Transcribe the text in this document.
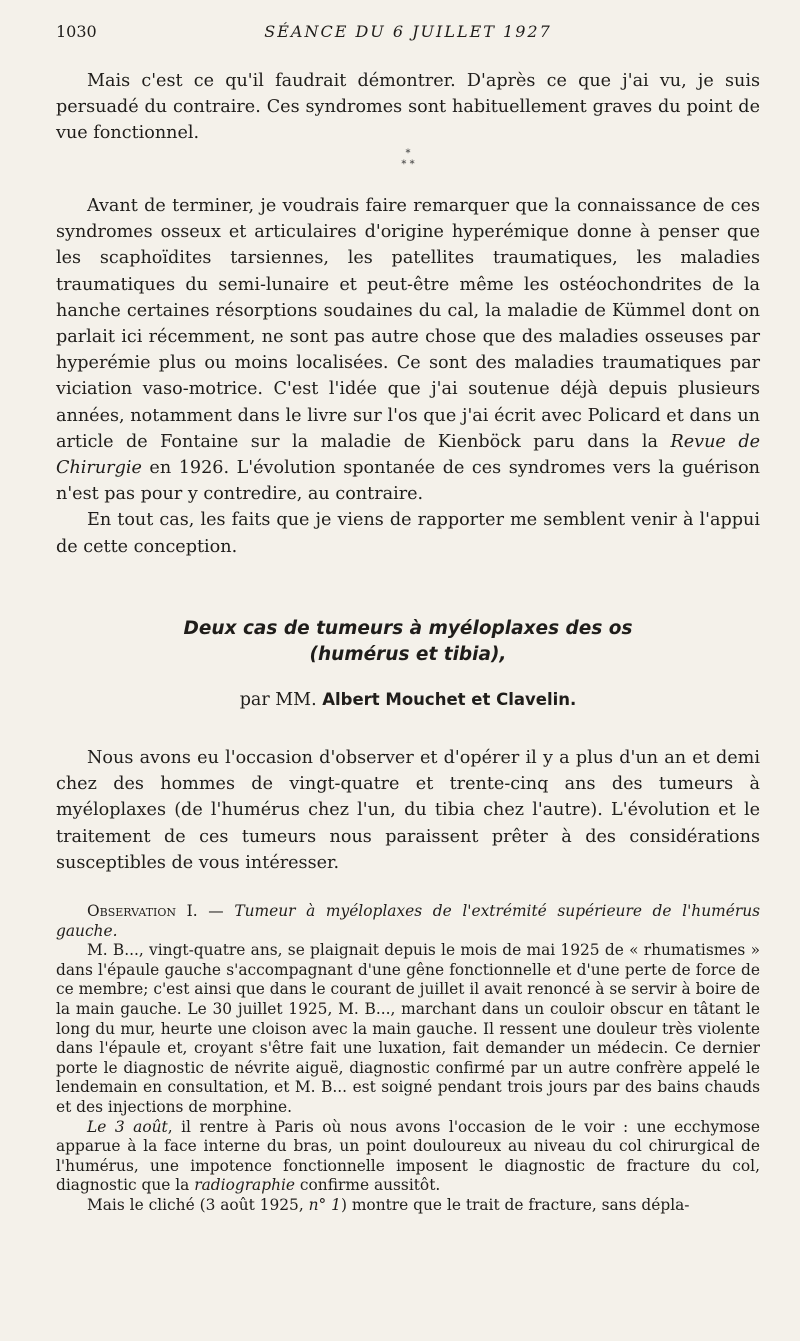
1030	SÉANCE DU 6 JUILLET 1927

Mais c'est ce qu'il faudrait démontrer. D'après ce que j'ai vu, je suis persuadé du contraire. Ces syndromes sont habituellement graves du point de vue fonctionnel.

*
* *

Avant de terminer, je voudrais faire remarquer que la connaissance de ces syndromes osseux et articulaires d'origine hyperémique donne à penser que les scaphoïdites tarsiennes, les patellites traumatiques, les maladies traumatiques du semi-lunaire et peut-être même les ostéochondrites de la hanche certaines résorptions soudaines du cal, la maladie de Kümmel dont on parlait ici récemment, ne sont pas autre chose que des maladies osseuses par hyperémie plus ou moins localisées. Ce sont des maladies traumatiques par viciation vaso-motrice. C'est l'idée que j'ai soutenue déjà depuis plusieurs années, notamment dans le livre sur l'os que j'ai écrit avec Policard et dans un article de Fontaine sur la maladie de Kienböck paru dans la Revue de Chirurgie en 1926. L'évolution spontanée de ces syndromes vers la guérison n'est pas pour y contredire, au contraire.

En tout cas, les faits que je viens de rapporter me semblent venir à l'appui de cette conception.

Deux cas de tumeurs à myéloplaxes des os
(humérus et tibia),
par MM. Albert Mouchet et Clavelin.

Nous avons eu l'occasion d'observer et d'opérer il y a plus d'un an et demi chez des hommes de vingt-quatre et trente-cinq ans des tumeurs à myéloplaxes (de l'humérus chez l'un, du tibia chez l'autre). L'évolution et le traitement de ces tumeurs nous paraissent prêter à des considérations susceptibles de vous intéresser.

Observation I. — Tumeur à myéloplaxes de l'extrémité supérieure de l'humérus gauche.

M. B..., vingt-quatre ans, se plaignait depuis le mois de mai 1925 de « rhumatismes » dans l'épaule gauche s'accompagnant d'une gêne fonctionnelle et d'une perte de force de ce membre; c'est ainsi que dans le courant de juillet il avait renoncé à se servir à boire de la main gauche. Le 30 juillet 1925, M. B..., marchant dans un couloir obscur en tâtant le long du mur, heurte une cloison avec la main gauche. Il ressent une douleur très violente dans l'épaule et, croyant s'être fait une luxation, fait demander un médecin. Ce dernier porte le diagnostic de névrite aiguë, diagnostic confirmé par un autre confrère appelé le lendemain en consultation, et M. B... est soigné pendant trois jours par des bains chauds et des injections de morphine.

Le 3 août, il rentre à Paris où nous avons l'occasion de le voir : une ecchymose apparue à la face interne du bras, un point douloureux au niveau du col chirurgical de l'humérus, une impotence fonctionnelle imposent le diagnostic de fracture du col, diagnostic que la radiographie confirme aussitôt.

Mais le cliché (3 août 1925, n° 1) montre que le trait de fracture, sans dépla-
